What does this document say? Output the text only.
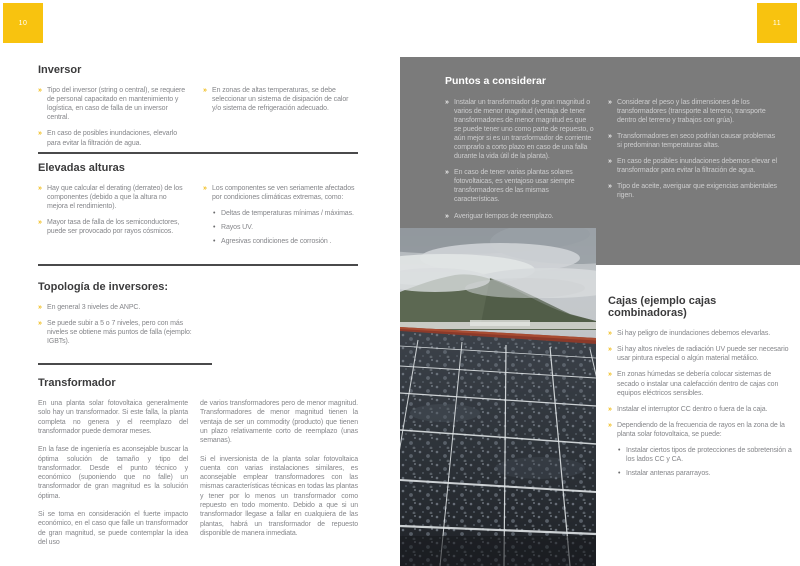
10	11
Inversor
» Tipo del inversor (string o central), se requiere de personal capacitado en mantenimiento y logística, en caso de falla de un inversor central.
» En caso de posibles inundaciones, elevarlo para evitar la filtración de agua.
» En zonas de altas temperaturas, se debe seleccionar un sistema de disipación de calor y/o sistema de refrigeración adecuado.
Elevadas alturas
» Hay que calcular el derating (derrateo) de los componentes (debido a que la altura no mejora el rendimiento).
» Mayor tasa de falla de los semiconductores, puede ser provocado por rayos cósmicos.
» Los componentes se ven seriamente afectados por condiciones climáticas extremas, como:
• Deltas de temperaturas mínimas / máximas.
• Rayos UV.
• Agresivas condiciones de corrosión .
Topología de inversores:
» En general 3 niveles de ANPC.
» Se puede subir a 5 o 7 niveles, pero con más niveles se obtiene más puntos de falla (ejemplo: IGBTs).
Transformador

En una planta solar fotovoltaica generalmente solo hay un transformador. Si este falla, la planta completa no genera y el reemplazo del transformador puede demorar meses.

En la fase de ingeniería es aconsejable buscar la óptima solución de tamaño y tipo del transformador. Desde el punto técnico y económico (suponiendo que no falle) un transformador de gran magnitud es la solución óptima.

Si se toma en consideración el fuerte impacto económico, en el caso que falle un transformador de gran magnitud, se puede contemplar la idea del uso

de varios transformadores pero de menor magnitud. Transformadores de menor magnitud tienen la ventaja de ser un commodity (producto) que tienen un plazo relativamente corto de reemplazo (unas semanas).

Si el inversionista de la planta solar fotovoltaica cuenta con varias instalaciones similares, es aconsejable emplear transformadores con las mismas características técnicas en todas las plantas y tener por lo menos un transformador como repuesto en todo momento. Debido a que si un transformador llegase a fallar en cualquiera de las plantas, habrá un transformador de repuesto disponible de manera inmediata.

Puntos a considerar
» Instalar un transformador de gran magnitud o varios de menor magnitud (ventaja de tener transformadores de menor magnitud es que se puede tener uno como parte de repuesto, o aún mejor si es un transformador de corriente comprarlo a corto plazo en caso de una falla durante la vida útil de la planta).
» En caso de tener varias plantas solares fotovoltaicas, es ventajoso usar siempre transformadores de las mismas características.
» Averiguar tiempos de reemplazo.
» Considerar el peso y las dimensiones de los transformadores (transporte al terreno, transporte dentro del terreno y trabajos con grúa).
» Transformadores en seco podrían causar problemas si predominan temperaturas altas.
» En caso de posibles inundaciones debemos elevar el transformador para evitar la filtración de agua.
» Tipo de aceite, averiguar que exigencias ambientales rigen.
Cajas (ejemplo cajas combinadoras)
» Si hay peligro de inundaciones debemos elevarlas.
» Si hay altos niveles de radiación UV puede ser necesario usar pintura especial o algún material metálico.
» En zonas húmedas se debería colocar sistemas de secado o instalar una calefacción dentro de cajas con equipos eléctricos sensibles.
» Instalar el interruptor CC dentro o fuera de la caja.
» Dependiendo de la frecuencia de rayos en la zona de la planta solar fotovoltaica, se puede:
• Instalar ciertos tipos de protecciones de sobretensión a los lados CC y CA.
• Instalar antenas pararrayos.
